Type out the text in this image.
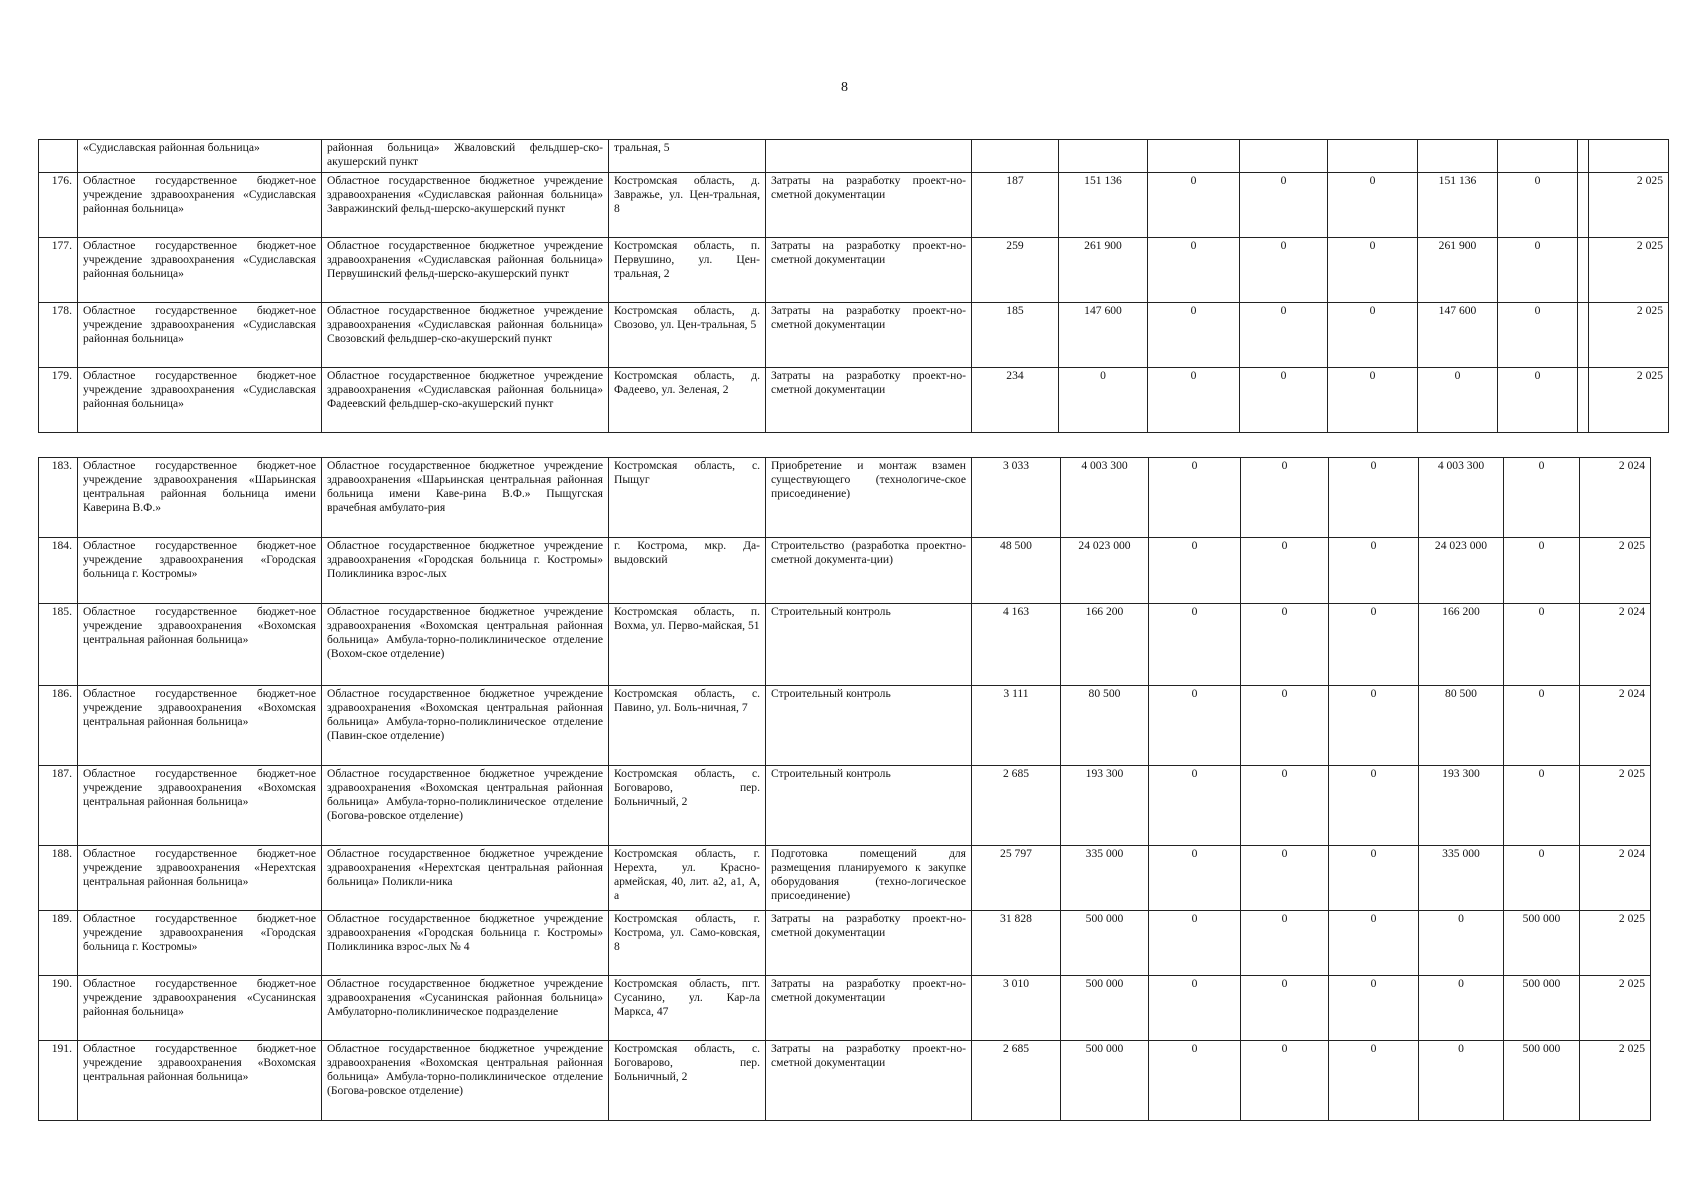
8
	«Судиславская районная больница»	районная больница» Жваловский фельдшер-ско-акушерский пункт	тральная, 5										
176.	Областное государственное бюджет-ное учреждение здравоохранения «Судиславская районная больница»	Областное государственное бюджетное учреждение здравоохранения «Судиславская районная больница» Завражинский фельд-шерско-акушерский пункт	Костромская область, д. Завражье, ул. Цен-тральная, 8	Затраты на разработку проект-но-сметной документации	187	151 136	0	0	0	151 136	0		2 025
177.	Областное государственное бюджет-ное учреждение здравоохранения «Судиславская районная больница»	Областное государственное бюджетное учреждение здравоохранения «Судиславская районная больница» Первушинский фельд-шерско-акушерский пункт	Костромская область, п. Первушино, ул. Цен-тральная, 2	Затраты на разработку проект-но-сметной документации	259	261 900	0	0	0	261 900	0		2 025
178.	Областное государственное бюджет-ное учреждение здравоохранения «Судиславская районная больница»	Областное государственное бюджетное учреждение здравоохранения «Судиславская районная больница» Свозовский фельдшер-ско-акушерский пункт	Костромская область, д. Свозово, ул. Цен-тральная, 5	Затраты на разработку проект-но-сметной документации	185	147 600	0	0	0	147 600	0		2 025
179.	Областное государственное бюджет-ное учреждение здравоохранения «Судиславская районная больница»	Областное государственное бюджетное учреждение здравоохранения «Судиславская районная больница» Фадеевский фельдшер-ско-акушерский пункт	Костромская область, д. Фадеево, ул. Зеленая, 2	Затраты на разработку проект-но-сметной документации	234	0	0	0	0	0	0		2 025
183.	Областное государственное бюджет-ное учреждение здравоохранения «Шарьинская центральная районная больница имени Каверина В.Ф.»	Областное государственное бюджетное учреждение здравоохранения «Шарьинская центральная районная больница имени Каве-рина В.Ф.» Пыщугская врачебная амбулато-рия	Костромская область, с. Пыщуг	Приобретение и монтаж взамен существующего (технологиче-ское присоединение)	3 033	4 003 300	0	0	0	4 003 300	0	2 024
184.	Областное государственное бюджет-ное учреждение здравоохранения «Городская больница г. Костромы»	Областное государственное бюджетное учреждение здравоохранения «Городская больница г. Костромы» Поликлиника взрос-лых	г. Кострома, мкр. Да-выдовский	Строительство (разработка проектно-сметной документа-ции)	48 500	24 023 000	0	0	0	24 023 000	0	2 025
185.	Областное государственное бюджет-ное учреждение здравоохранения «Вохомская центральная районная больница»	Областное государственное бюджетное учреждение здравоохранения «Вохомская центральная районная больница» Амбула-торно-поликлиническое отделение (Вохом-ское отделение)	Костромская область, п. Вохма, ул. Перво-майская, 51	Строительный контроль	4 163	166 200	0	0	0	166 200	0	2 024
186.	Областное государственное бюджет-ное учреждение здравоохранения «Вохомская центральная районная больница»	Областное государственное бюджетное учреждение здравоохранения «Вохомская центральная районная больница» Амбула-торно-поликлиническое отделение (Павин-ское отделение)	Костромская область, с. Павино, ул. Боль-ничная, 7	Строительный контроль	3 111	80 500	0	0	0	80 500	0	2 024
187.	Областное государственное бюджет-ное учреждение здравоохранения «Вохомская центральная районная больница»	Областное государственное бюджетное учреждение здравоохранения «Вохомская центральная районная больница» Амбула-торно-поликлиническое отделение (Богова-ровское отделение)	Костромская область, с. Боговарово, пер. Больничный, 2	Строительный контроль	2 685	193 300	0	0	0	193 300	0	2 025
188.	Областное государственное бюджет-ное учреждение здравоохранения «Нерехтская центральная районная больница»	Областное государственное бюджетное учреждение здравоохранения «Нерехтская центральная районная больница» Поликли-ника	Костромская область, г. Нерехта, ул. Красно-армейская, 40, лит. а2, а1, А, а	Подготовка помещений для размещения планируемого к закупке оборудования (техно-логическое присоединение)	25 797	335 000	0	0	0	335 000	0	2 024
189.	Областное государственное бюджет-ное учреждение здравоохранения «Городская больница г. Костромы»	Областное государственное бюджетное учреждение здравоохранения «Городская больница г. Костромы» Поликлиника взрос-лых № 4	Костромская область, г. Кострома, ул. Само-ковская, 8	Затраты на разработку проект-но-сметной документации	31 828	500 000	0	0	0	0	500 000	2 025
190.	Областное государственное бюджет-ное учреждение здравоохранения «Сусанинская районная больница»	Областное государственное бюджетное учреждение здравоохранения «Сусанинская районная больница» Амбулаторно-поликлиническое подразделение	Костромская область, пгт. Сусанино, ул. Кар-ла Маркса, 47	Затраты на разработку проект-но-сметной документации	3 010	500 000	0	0	0	0	500 000	2 025
191.	Областное государственное бюджет-ное учреждение здравоохранения «Вохомская центральная районная больница»	Областное государственное бюджетное учреждение здравоохранения «Вохомская центральная районная больница» Амбула-торно-поликлиническое отделение (Богова-ровское отделение)	Костромская область, с. Боговарово, пер. Больничный, 2	Затраты на разработку проект-но-сметной документации	2 685	500 000	0	0	0	0	500 000	2 025
